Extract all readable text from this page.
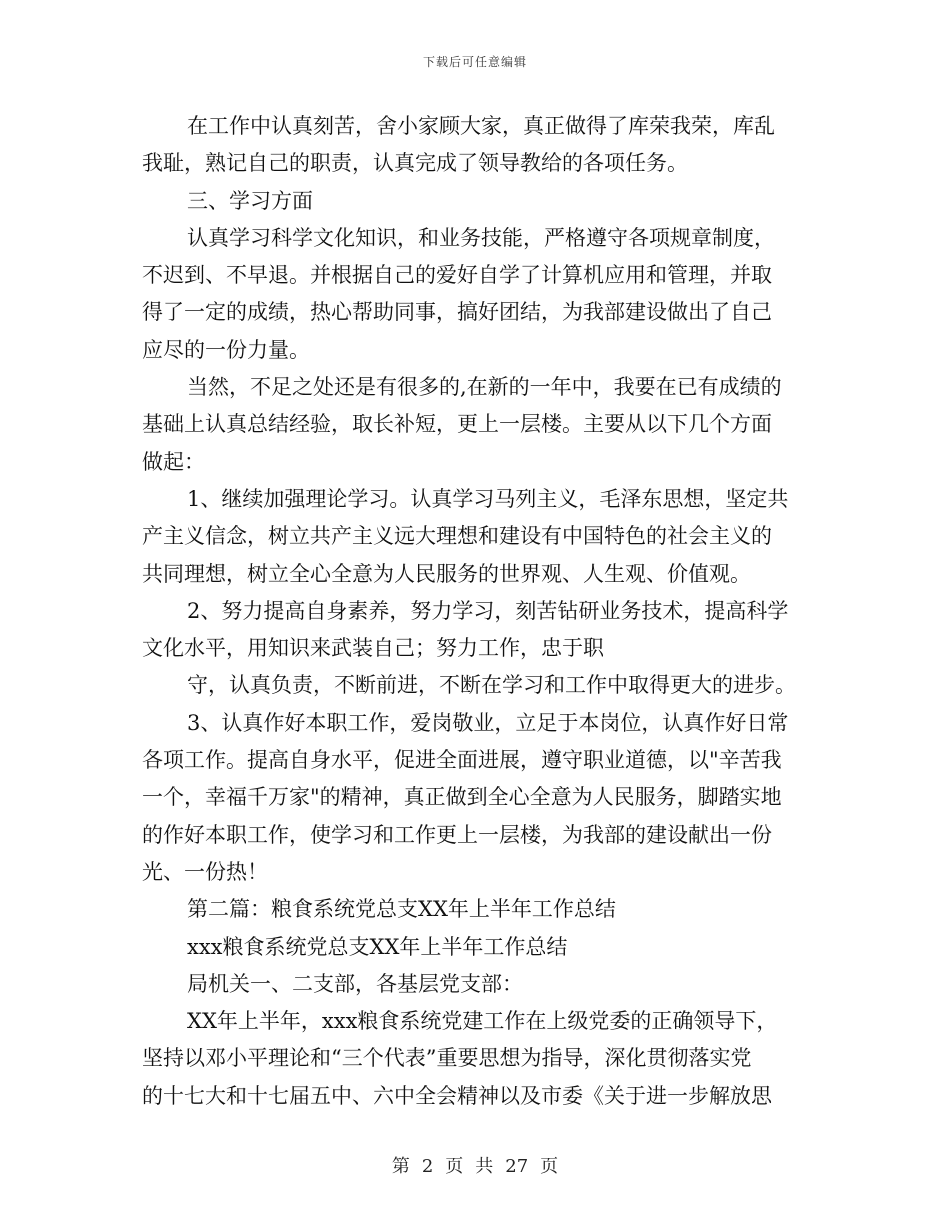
下载后可任意编辑
在工作中认真刻苦，舍小家顾大家，真正做得了库荣我荣，库乱
我耻，熟记自己的职责，认真完成了领导教给的各项任务。
三、学习方面
认真学习科学文化知识，和业务技能，严格遵守各项规章制度，
不迟到、不早退。并根据自己的爱好自学了计算机应用和管理，并取
得了一定的成绩，热心帮助同事，搞好团结，为我部建设做出了自己
应尽的一份力量。
当然，不足之处还是有很多的,在新的一年中，我要在已有成绩的
基础上认真总结经验，取长补短，更上一层楼。主要从以下几个方面
做起：
1、继续加强理论学习。认真学习马列主义，毛泽东思想，坚定共
产主义信念，树立共产主义远大理想和建设有中国特色的社会主义的
共同理想，树立全心全意为人民服务的世界观、人生观、价值观。
2、努力提高自身素养，努力学习，刻苦钻研业务技术，提高科学
文化水平，用知识来武装自己；努力工作，忠于职
守，认真负责，不断前进，不断在学习和工作中取得更大的进步。
3、认真作好本职工作，爱岗敬业，立足于本岗位，认真作好日常
各项工作。提高自身水平，促进全面进展，遵守职业道德，以"辛苦我
一个，幸福千万家"的精神，真正做到全心全意为人民服务，脚踏实地
的作好本职工作，使学习和工作更上一层楼，为我部的建设献出一份
光、一份热！
第二篇：粮食系统党总支XX年上半年工作总结
xxx粮食系统党总支XX年上半年工作总结
局机关一、二支部，各基层党支部：
XX年上半年，xxx粮食系统党建工作在上级党委的正确领导下，
坚持以邓小平理论和“三个代表”重要思想为指导，深化贯彻落实党
的十七大和十七届五中、六中全会精神以及市委《关于进一步解放思
第 2 页 共 27 页
